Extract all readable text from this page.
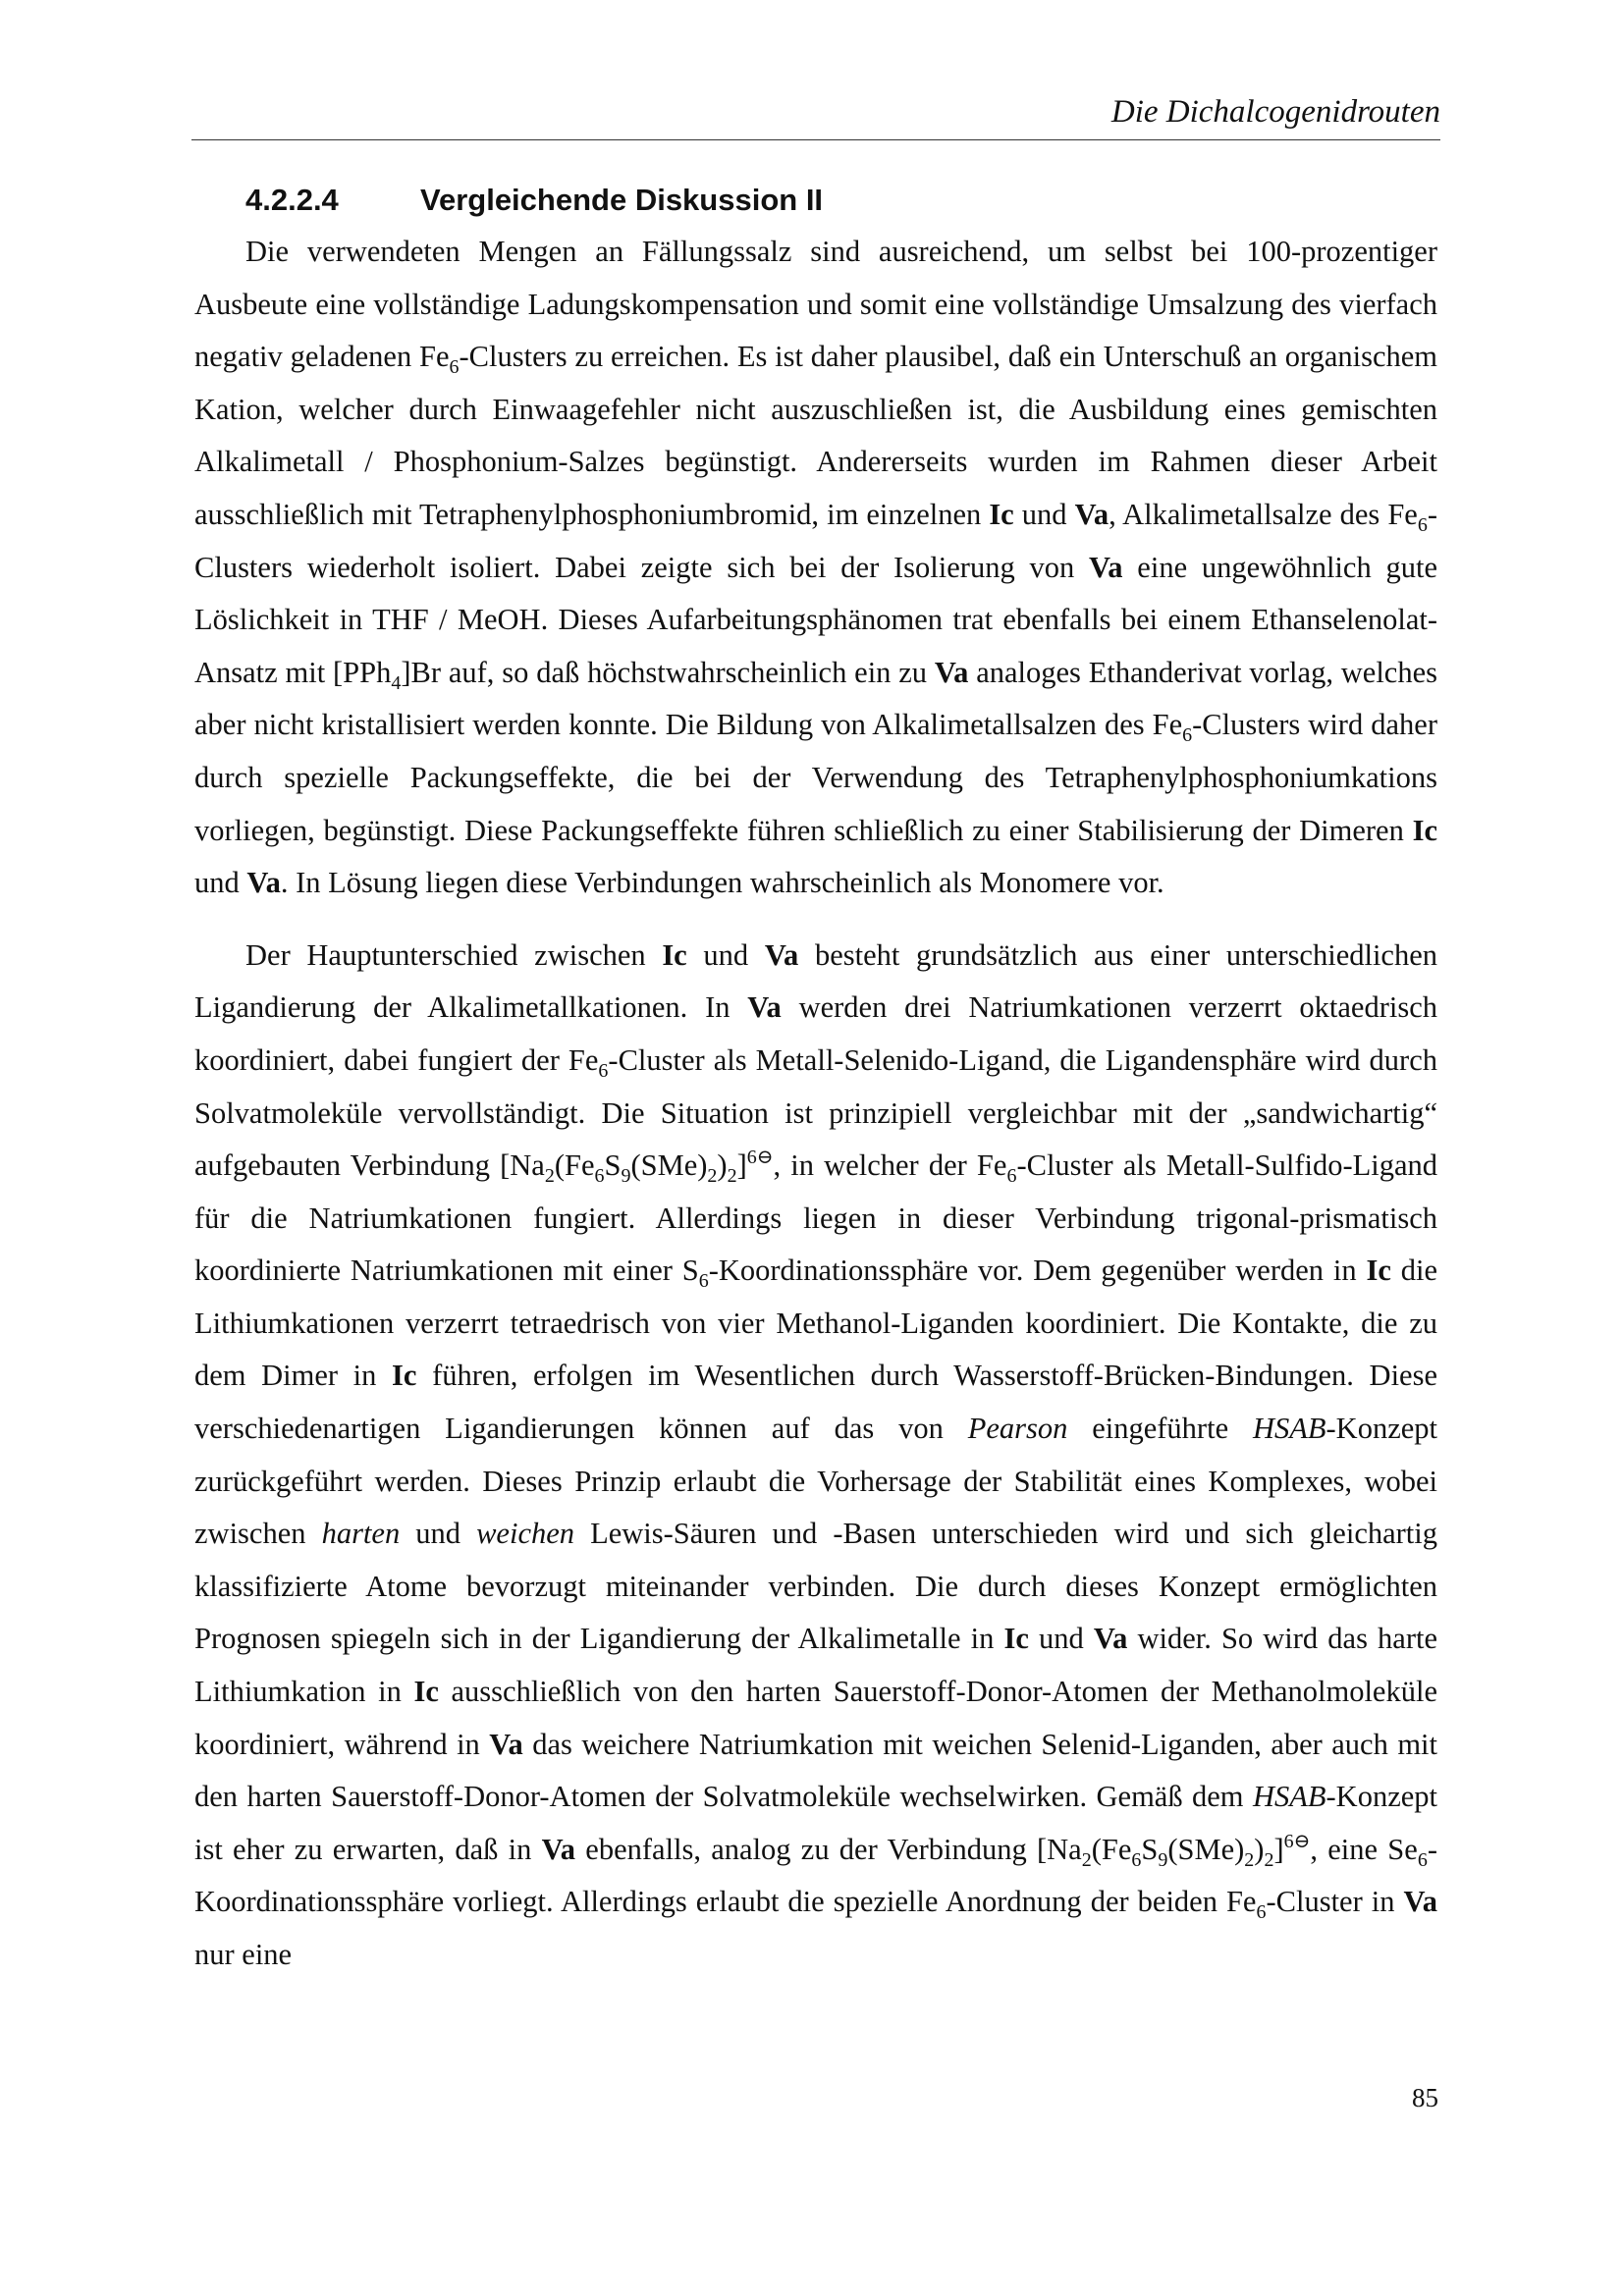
Die Dichalcogenidrouten
4.2.2.4	Vergleichende Diskussion II

Die verwendeten Mengen an Fällungssalz sind ausreichend, um selbst bei 100-prozentiger Ausbeute eine vollständige Ladungskompensation und somit eine vollständige Umsalzung des vierfach negativ geladenen $Fe_6$-Clusters zu erreichen. Es ist daher plausibel, daß ein Unterschuß an organischem Kation, welcher durch Einwaagefehler nicht auszuschließen ist, die Ausbildung eines gemischten Alkalimetall / Phosphonium-Salzes begünstigt. Andererseits wurden im Rahmen dieser Arbeit ausschließlich mit Tetraphenylphosphoniumbromid, im einzelnen Ic und Va, Alkalimetallsalze des $Fe_6$-Clusters wiederholt isoliert. Dabei zeigte sich bei der Isolierung von Va eine ungewöhnlich gute Löslichkeit in THF / MeOH. Dieses Aufarbeitungsphänomen trat ebenfalls bei einem Ethanselenolat-Ansatz mit [PPh$_4$]Br auf, so daß höchstwahrscheinlich ein zu Va analoges Ethanderivat vorlag, welches aber nicht kristallisiert werden konnte. Die Bildung von Alkalimetallsalzen des $Fe_6$-Clusters wird daher durch spezielle Packungseffekte, die bei der Verwendung des Tetraphenylphosphoniumkations vorliegen, begünstigt. Diese Packungseffekte führen schließlich zu einer Stabilisierung der Dimeren Ic und Va. In Lösung liegen diese Verbindungen wahrscheinlich als Monomere vor.

Der Hauptunterschied zwischen Ic und Va besteht grundsätzlich aus einer unterschiedlichen Ligandierung der Alkalimetallkationen. In Va werden drei Natriumkationen verzerrt oktaedrisch koordiniert, dabei fungiert der $Fe_6$-Cluster als Metall-Selenido-Ligand, die Ligandensphäre wird durch Solvatmoleküle vervollständigt. Die Situation ist prinzipiell vergleichbar mit der „sandwichartig“ aufgebauten Verbindung $[Na_2(Fe_6S_9(SMe)_2)_2]^{6⊖}$, in welcher der $Fe_6$-Cluster als Metall-Sulfido-Ligand für die Natriumkationen fungiert. Allerdings liegen in dieser Verbindung trigonal-prismatisch koordinierte Natriumkationen mit einer $S_6$-Koordinationssphäre vor. Dem gegenüber werden in Ic die Lithiumkationen verzerrt tetraedrisch von vier Methanol-Liganden koordiniert. Die Kontakte, die zu dem Dimer in Ic führen, erfolgen im Wesentlichen durch Wasserstoff-Brücken-Bindungen. Diese verschiedenartigen Ligandierungen können auf das von Pearson eingeführte HSAB-Konzept zurückgeführt werden. Dieses Prinzip erlaubt die Vorhersage der Stabilität eines Komplexes, wobei zwischen harten und weichen Lewis-Säuren und -Basen unterschieden wird und sich gleichartig klassifizierte Atome bevorzugt miteinander verbinden. Die durch dieses Konzept ermöglichten Prognosen spiegeln sich in der Ligandierung der Alkalimetalle in Ic und Va wider. So wird das harte Lithiumkation in Ic ausschließlich von den harten Sauerstoff-Donor-Atomen der Methanolmoleküle koordiniert, während in Va das weichere Natriumkation mit weichen Selenid-Liganden, aber auch mit den harten Sauerstoff-Donor-Atomen der Solvatmoleküle wechselwirken. Gemäß dem HSAB-Konzept ist eher zu erwarten, daß in Va ebenfalls, analog zu der Verbindung $[Na_2(Fe_6S_9(SMe)_2)_2]^{6⊖}$, eine $Se_6$-Koordinationssphäre vorliegt. Allerdings erlaubt die spezielle Anordnung der beiden $Fe_6$-Cluster in Va nur eine

85
